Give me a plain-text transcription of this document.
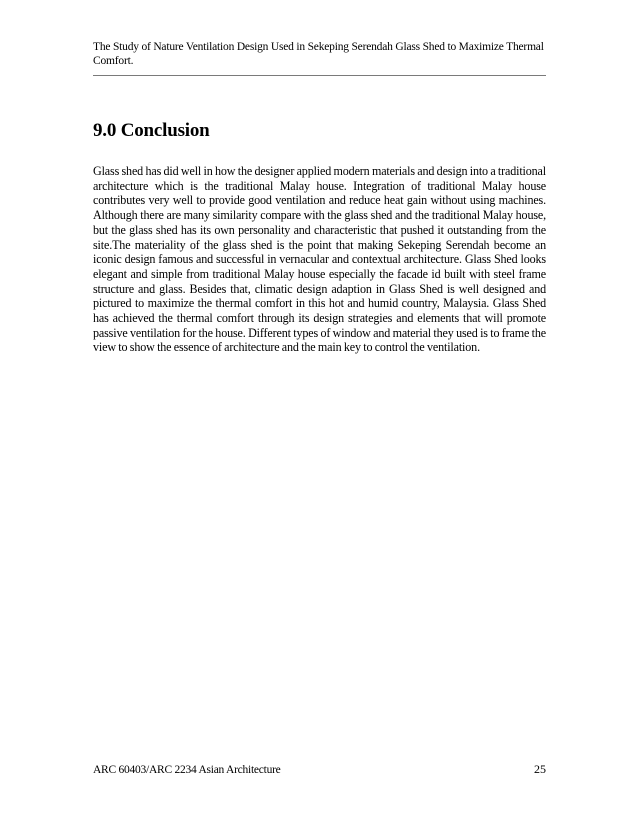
The Study of Nature Ventilation Design Used in Sekeping Serendah Glass Shed to Maximize Thermal Comfort.
9.0 Conclusion

Glass shed has did well in how the designer applied modern materials and design into a traditional architecture which is the traditional Malay house. Integration of traditional Malay house contributes very well to provide good ventilation and reduce heat gain without using machines. Although there are many similarity compare with the glass shed and the traditional Malay house, but the glass shed has its own personality and characteristic that pushed it outstanding from the site.The materiality of the glass shed is the point that making Sekeping Serendah become an iconic design famous and successful in vernacular and contextual architecture. Glass Shed looks elegant and simple from traditional Malay house especially the facade id built with steel frame structure and glass. Besides that, climatic design adaption in Glass Shed is well designed and pictured to maximize the thermal comfort in this hot and humid country, Malaysia. Glass Shed has achieved the thermal comfort through its design strategies and elements that will promote passive ventilation for the house. Different types of window and material they used is to frame the view to show the essence of architecture and the main key to control the ventilation.

ARC 60403/ARC 2234 Asian Architecture	25
